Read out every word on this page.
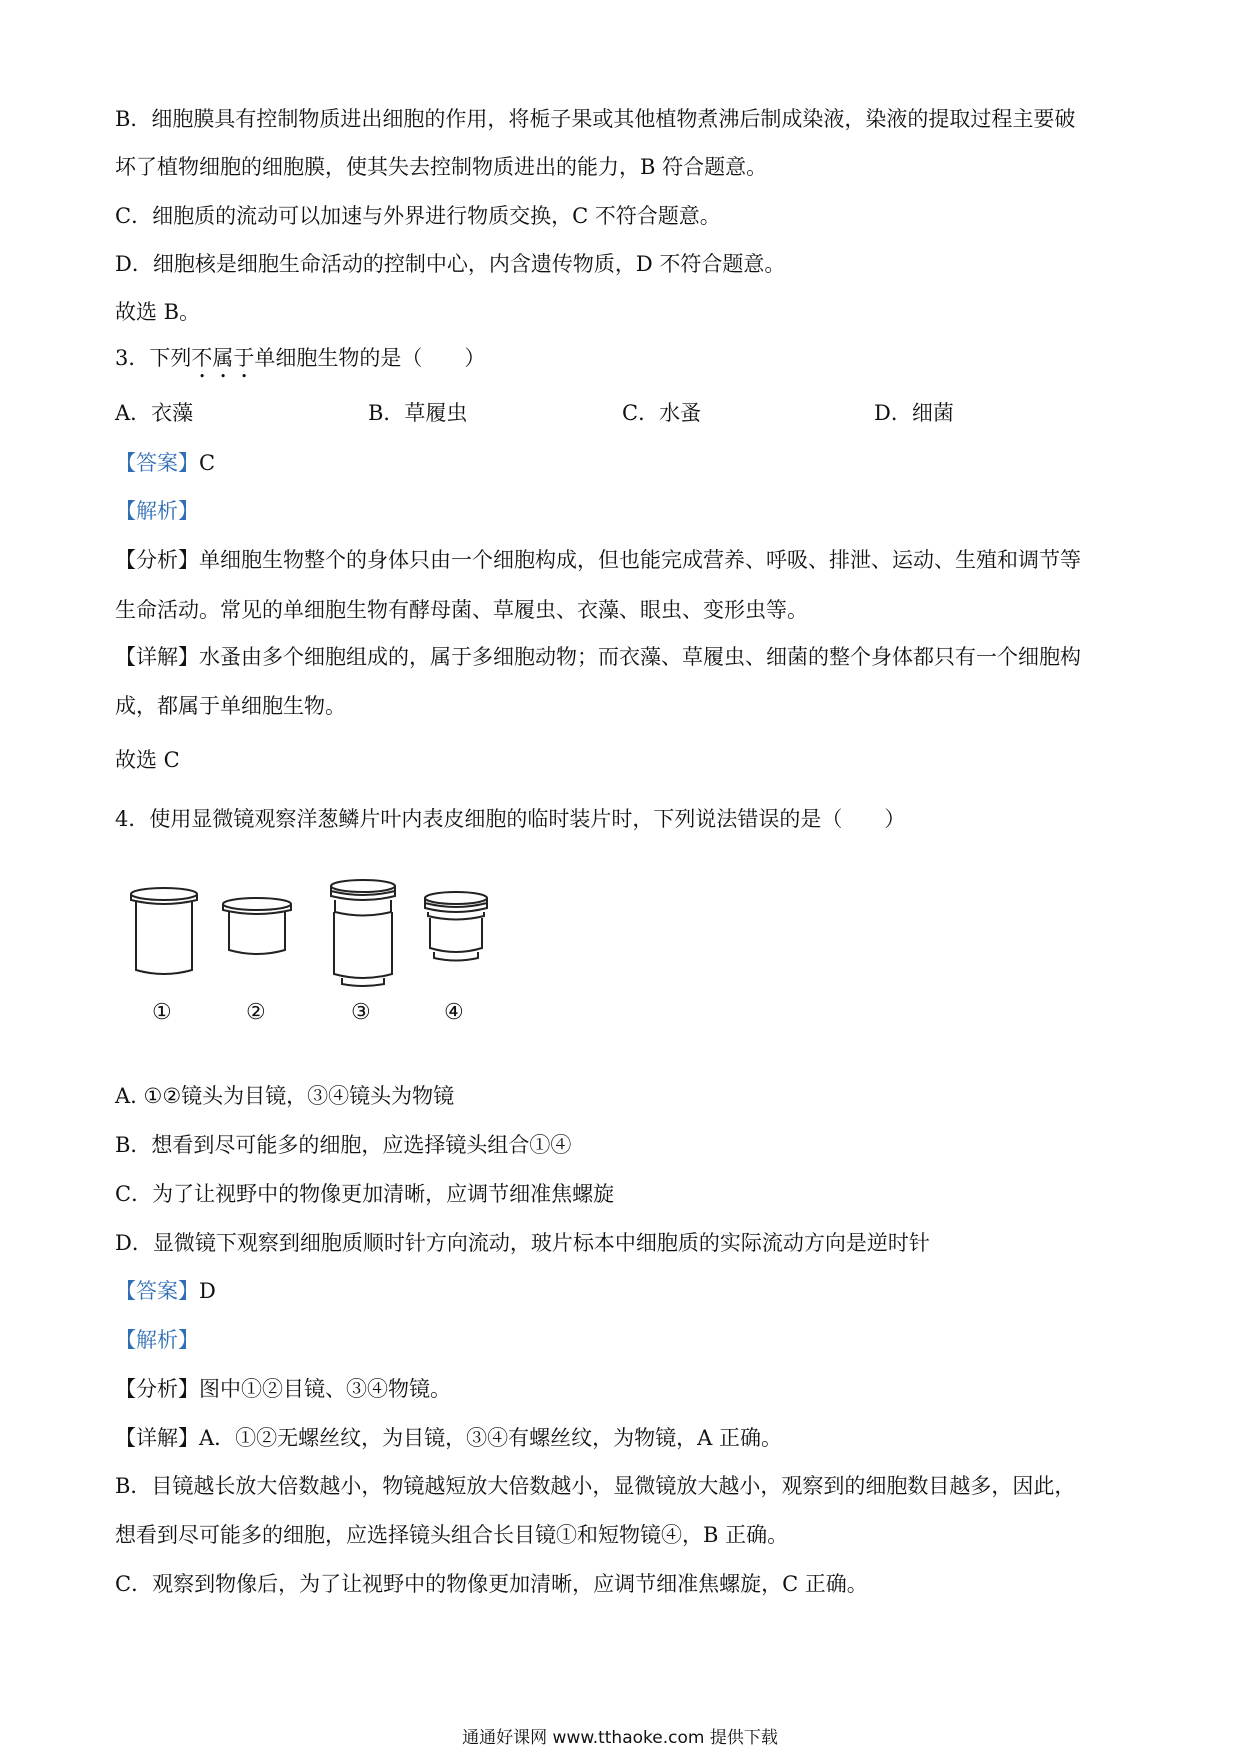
B．细胞膜具有控制物质进出细胞的作用，将栀子果或其他植物煮沸后制成染液，染液的提取过程主要破
坏了植物细胞的细胞膜，使其失去控制物质进出的能力，B 符合题意。
C．细胞质的流动可以加速与外界进行物质交换，C 不符合题意。
D．细胞核是细胞生命活动的控制中心，内含遗传物质，D 不符合题意。
故选 B。
3．下列不属于单细胞生物的是（　　）
A．衣藻	B．草履虫	C．水蚤	D．细菌
【答案】C
【解析】
【分析】单细胞生物整个的身体只由一个细胞构成，但也能完成营养、呼吸、排泄、运动、生殖和调节等
生命活动。常见的单细胞生物有酵母菌、草履虫、衣藻、眼虫、变形虫等。
【详解】水蚤由多个细胞组成的，属于多细胞动物；而衣藻、草履虫、细菌的整个身体都只有一个细胞构
成，都属于单细胞生物。
故选 C
4．使用显微镜观察洋葱鳞片叶内表皮细胞的临时装片时，下列说法错误的是（　　）
①	②	③	④
A. ①②镜头为目镜，③④镜头为物镜
B．想看到尽可能多的细胞，应选择镜头组合①④
C．为了让视野中的物像更加清晰，应调节细准焦螺旋
D．显微镜下观察到细胞质顺时针方向流动，玻片标本中细胞质的实际流动方向是逆时针
【答案】D
【解析】
【分析】图中①②目镜、③④物镜。
【详解】A．①②无螺丝纹，为目镜，③④有螺丝纹，为物镜，A 正确。
B．目镜越长放大倍数越小，物镜越短放大倍数越小，显微镜放大越小，观察到的细胞数目越多，因此，
想看到尽可能多的细胞，应选择镜头组合长目镜①和短物镜④，B 正确。
C．观察到物像后，为了让视野中的物像更加清晰，应调节细准焦螺旋，C 正确。
通通好课网 www.tthaoke.com 提供下载
